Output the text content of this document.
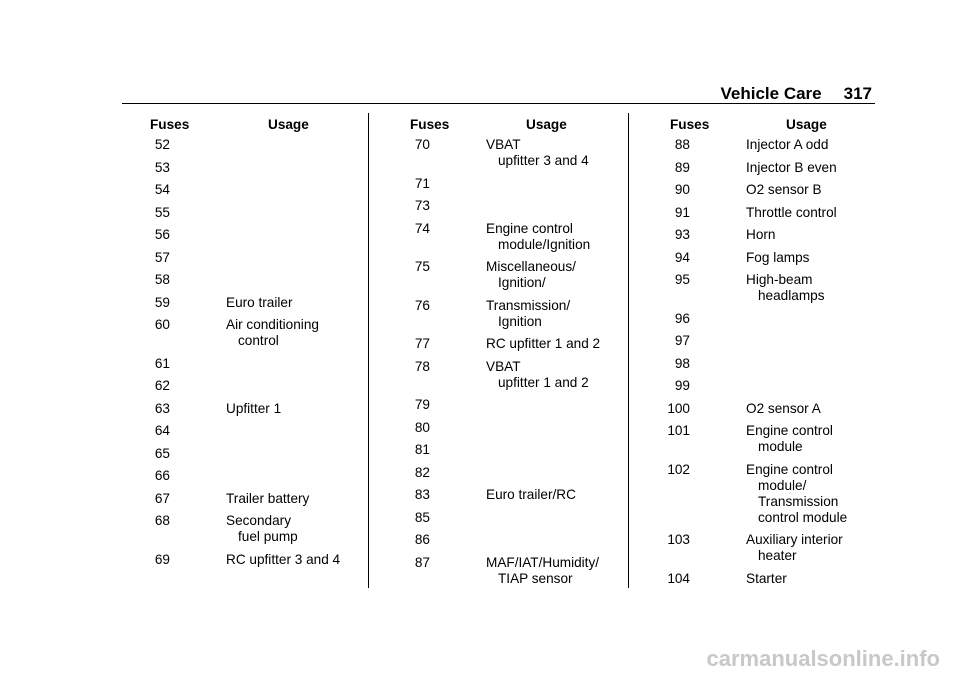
Vehicle Care 317
Fuses	Usage
52
53
54
55
56
57
58
59	Euro trailer
60	Air conditioning
control
61
62
63	Upfitter 1
64
65
66
67	Trailer battery
68	Secondary
fuel pump
69	RC upfitter 3 and 4
Fuses	Usage
70	VBAT
upfitter 3 and 4
71
73
74	Engine control
module/Ignition
75	Miscellaneous/
Ignition/
76	Transmission/
Ignition
77	RC upfitter 1 and 2
78	VBAT
upfitter 1 and 2
79
80
81
82
83	Euro trailer/RC
85
86
87	MAF/IAT/Humidity/
TIAP sensor
Fuses	Usage
88	Injector A odd
89	Injector B even
90	O2 sensor B
91	Throttle control
93	Horn
94	Fog lamps
95	High-beam
headlamps
96
97
98
99
100	O2 sensor A
101	Engine control
module
102	Engine control
module/
Transmission
control module
103	Auxiliary interior
heater
104	Starter
carmanualsonline.info
